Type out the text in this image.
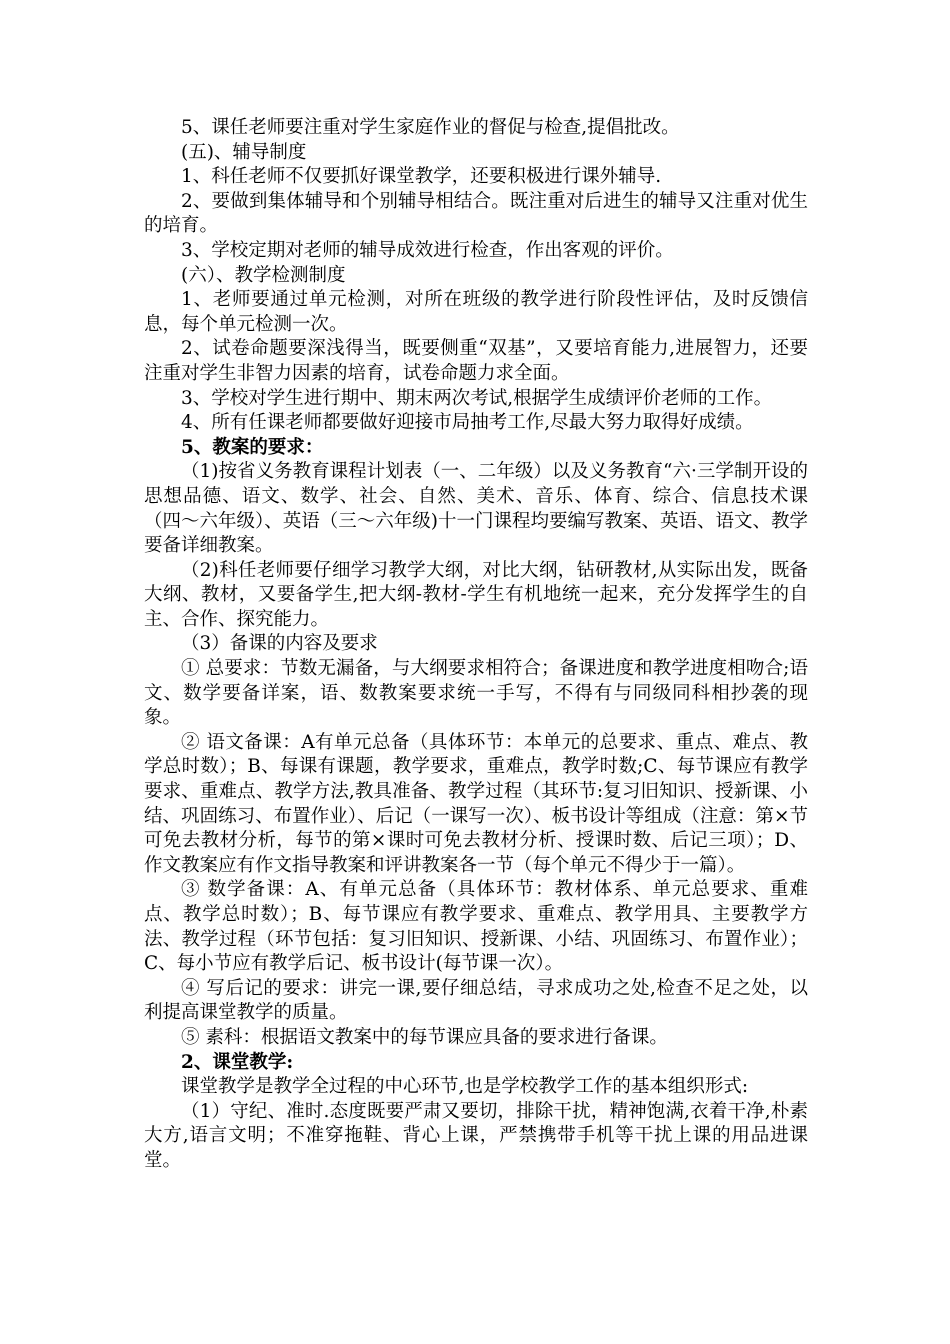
5、课任老师要注重对学生家庭作业的督促与检查,提倡批改。

(五)、辅导制度

1、科任老师不仅要抓好课堂教学，还要积极进行课外辅导.

2、要做到集体辅导和个别辅导相结合。既注重对后进生的辅导又注重对优生的培育。

3、学校定期对老师的辅导成效进行检查，作出客观的评价。

(六）、教学检测制度

1、老师要通过单元检测，对所在班级的教学进行阶段性评估，及时反馈信息，每个单元检测一次。

2、试卷命题要深浅得当，既要侧重“双基”，又要培育能力,进展智力，还要注重对学生非智力因素的培育，试卷命题力求全面。

3、学校对学生进行期中、期末两次考试,根据学生成绩评价老师的工作。

4、所有任课老师都要做好迎接市局抽考工作,尽最大努力取得好成绩。

5、教案的要求：

（1)按省义务教育课程计划表（一、二年级）以及义务教育“六·三学制开设的思想品德、语文、数学、社会、自然、美术、音乐、体育、综合、信息技术课（四～六年级）、英语（三～六年级)十一门课程均要编写教案、英语、语文、教学要备详细教案。

（2)科任老师要仔细学习教学大纲，对比大纲，钻研教材,从实际出发，既备大纲、教材，又要备学生,把大纲-教材-学生有机地统一起来，充分发挥学生的自主、合作、探究能力。

（3）备课的内容及要求

① 总要求：节数无漏备，与大纲要求相符合；备课进度和教学进度相吻合;语文、数学要备详案，语、数教案要求统一手写，不得有与同级同科相抄袭的现象。

② 语文备课：A有单元总备（具体环节：本单元的总要求、重点、难点、教学总时数）；B、每课有课题，教学要求，重难点，教学时数;C、每节课应有教学要求、重难点、教学方法,教具准备、教学过程（其环节:复习旧知识、授新课、小结、巩固练习、布置作业）、后记（一课写一次）、板书设计等组成（注意：第×节可免去教材分析，每节的第×课时可免去教材分析、授课时数、后记三项）；D、作文教案应有作文指导教案和评讲教案各一节（每个单元不得少于一篇）。

③ 数学备课：A、有单元总备（具体环节：教材体系、单元总要求、重难点、教学总时数）；B、每节课应有教学要求、重难点、教学用具、主要教学方法、教学过程（环节包括：复习旧知识、授新课、小结、巩固练习、布置作业）；C、每小节应有教学后记、板书设计(每节课一次）。

④ 写后记的要求：讲完一课,要仔细总结，寻求成功之处,检查不足之处，以利提高课堂教学的质量。

⑤ 素科：根据语文教案中的每节课应具备的要求进行备课。

2、课堂教学:

课堂教学是教学全过程的中心环节,也是学校教学工作的基本组织形式:

（1）守纪、准时.态度既要严肃又要切，排除干扰，精神饱满,衣着干净,朴素大方,语言文明；不准穿拖鞋、背心上课，严禁携带手机等干扰上课的用品进课堂。
